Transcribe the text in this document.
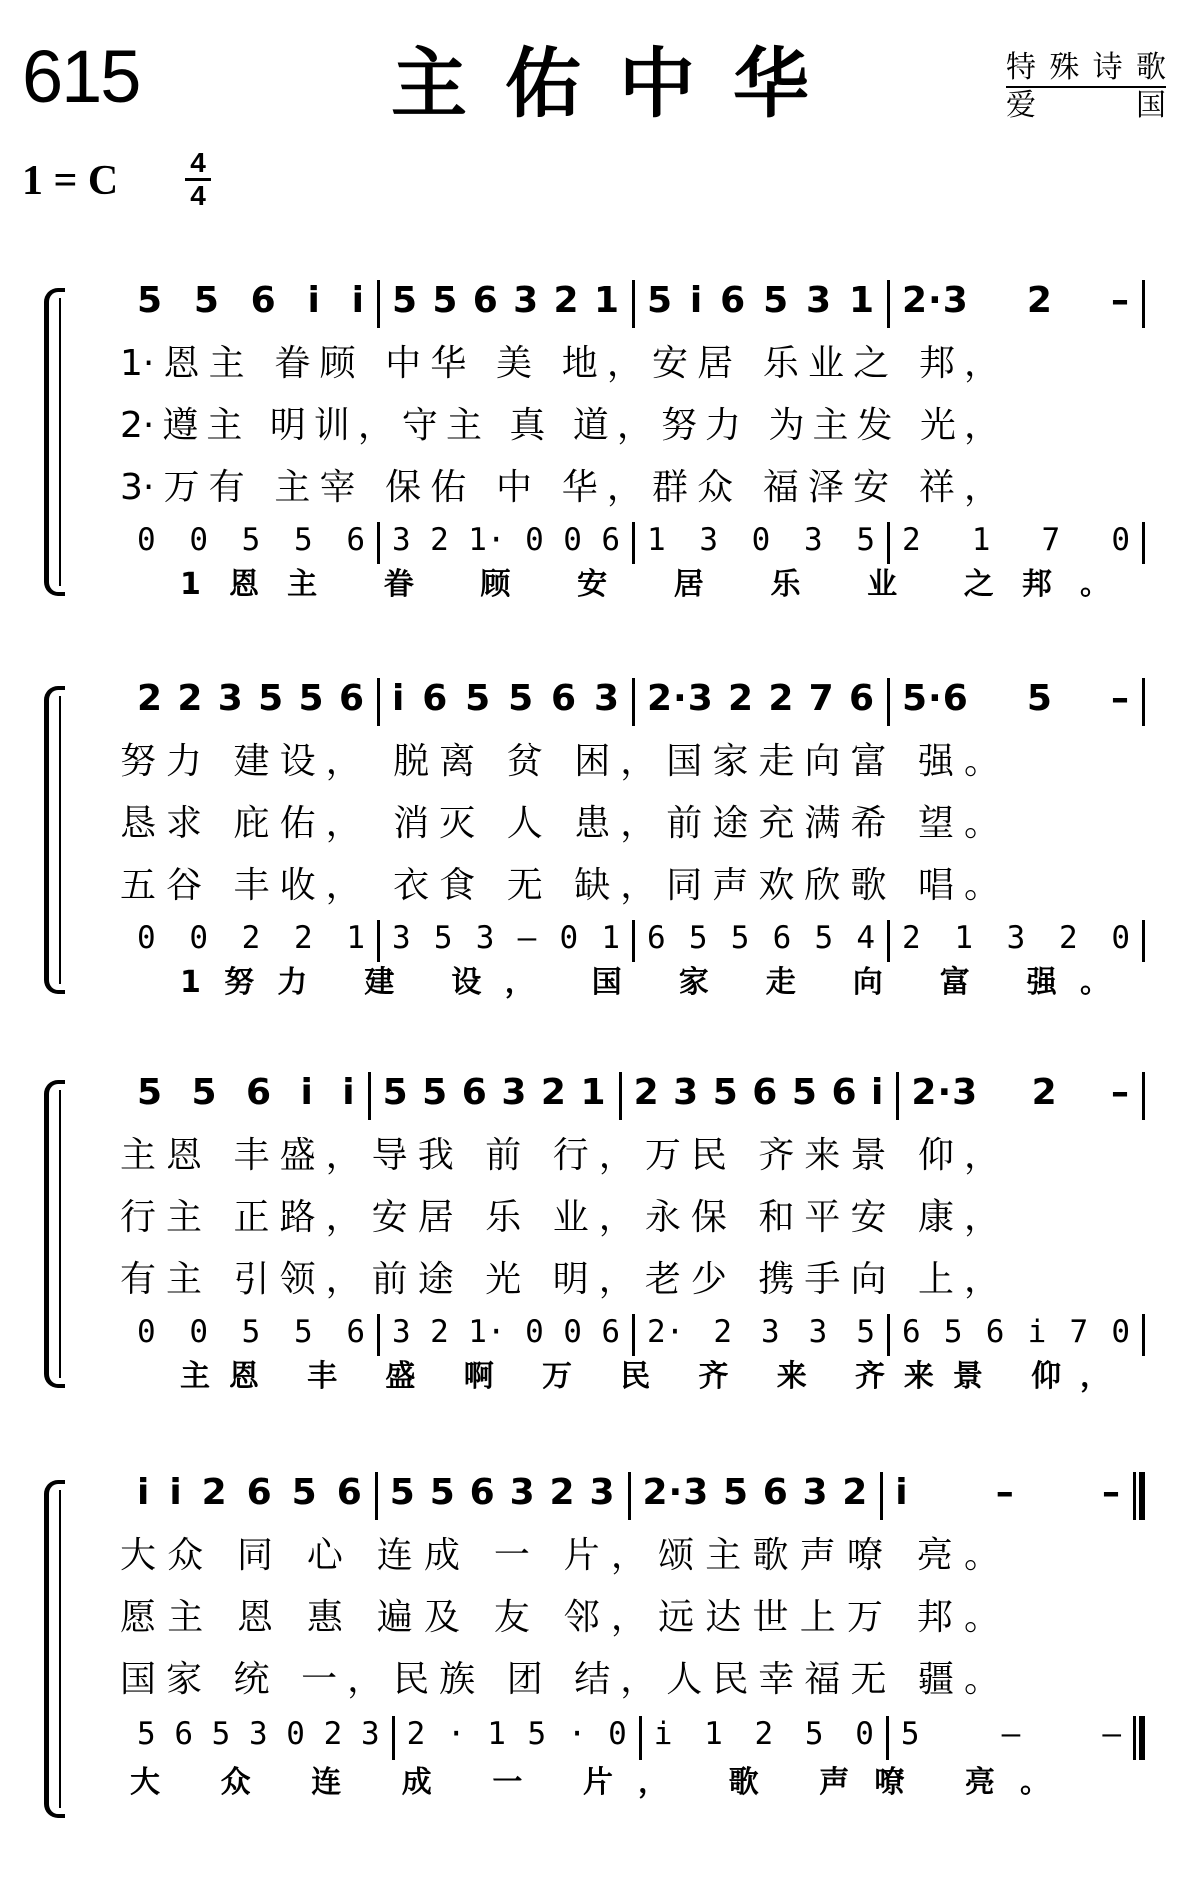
615	主佑中华	特殊诗歌
爱 国
1 = C	4
4
5 5 6 i i 5 5 6 3 2 1 5 i 6 5 3 1 2·3 2 –
1·恩主 眷顾 中华 美 地，安居 乐业之 邦，
2·遵主 明训，守主 真 道，努力 为主发 光，
3·万有 主宰 保佑 中 华，群众 福泽安 祥，
0 0 5 5 6 3 2 1· 0 0 6 1 3 0 3 5 2 1 7 0
1恩主 眷 顾 安 居 乐 业 之邦。
2 2 3 5 5 6 i 6 5 5 6 3 2·3 2 2 7 6 5·6 5 –
努力 建设， 脱离 贫 困，国家走向富 强。
恳求 庇佑， 消灭 人 患，前途充满希 望。
五谷 丰收， 衣食 无 缺，同声欢欣歌 唱。
0 0 2 2 1 3 5 3 – 0 1 6 5 5 6 5 4 2 1 3 2 0
1努力 建 设， 国 家 走 向 富 强。
5 5 6 i i 5 5 6 3 2 1 2 3 5 6 5 6 i 2·3 2 –
主恩 丰盛，导我 前 行，万民 齐来景 仰，
行主 正路，安居 乐 业，永保 和平安 康，
有主 引领，前途 光 明，老少 携手向 上，
0 0 5 5 6 3 2 1· 0 0 6 2· 2 3 3 5 6 5 6 i 7 0
主恩 丰 盛 啊 万 民 齐 来 齐来景 仰，
i i 2 6 5 6 5 5 6 3 2 3 2·3 5 6 3 2 i – –
大众 同 心 连成 一 片，颂主歌声嘹 亮。
愿主 恩 惠 遍及 友 邻，远达世上万 邦。
国家 统 一，民族 团 结，人民幸福无 疆。
5 6 5 3 0 2 3 2 · 1 5 · 0 i 1 2 5 0 5 – –
大 众 连 成 一 片， 歌 声嘹 亮。
